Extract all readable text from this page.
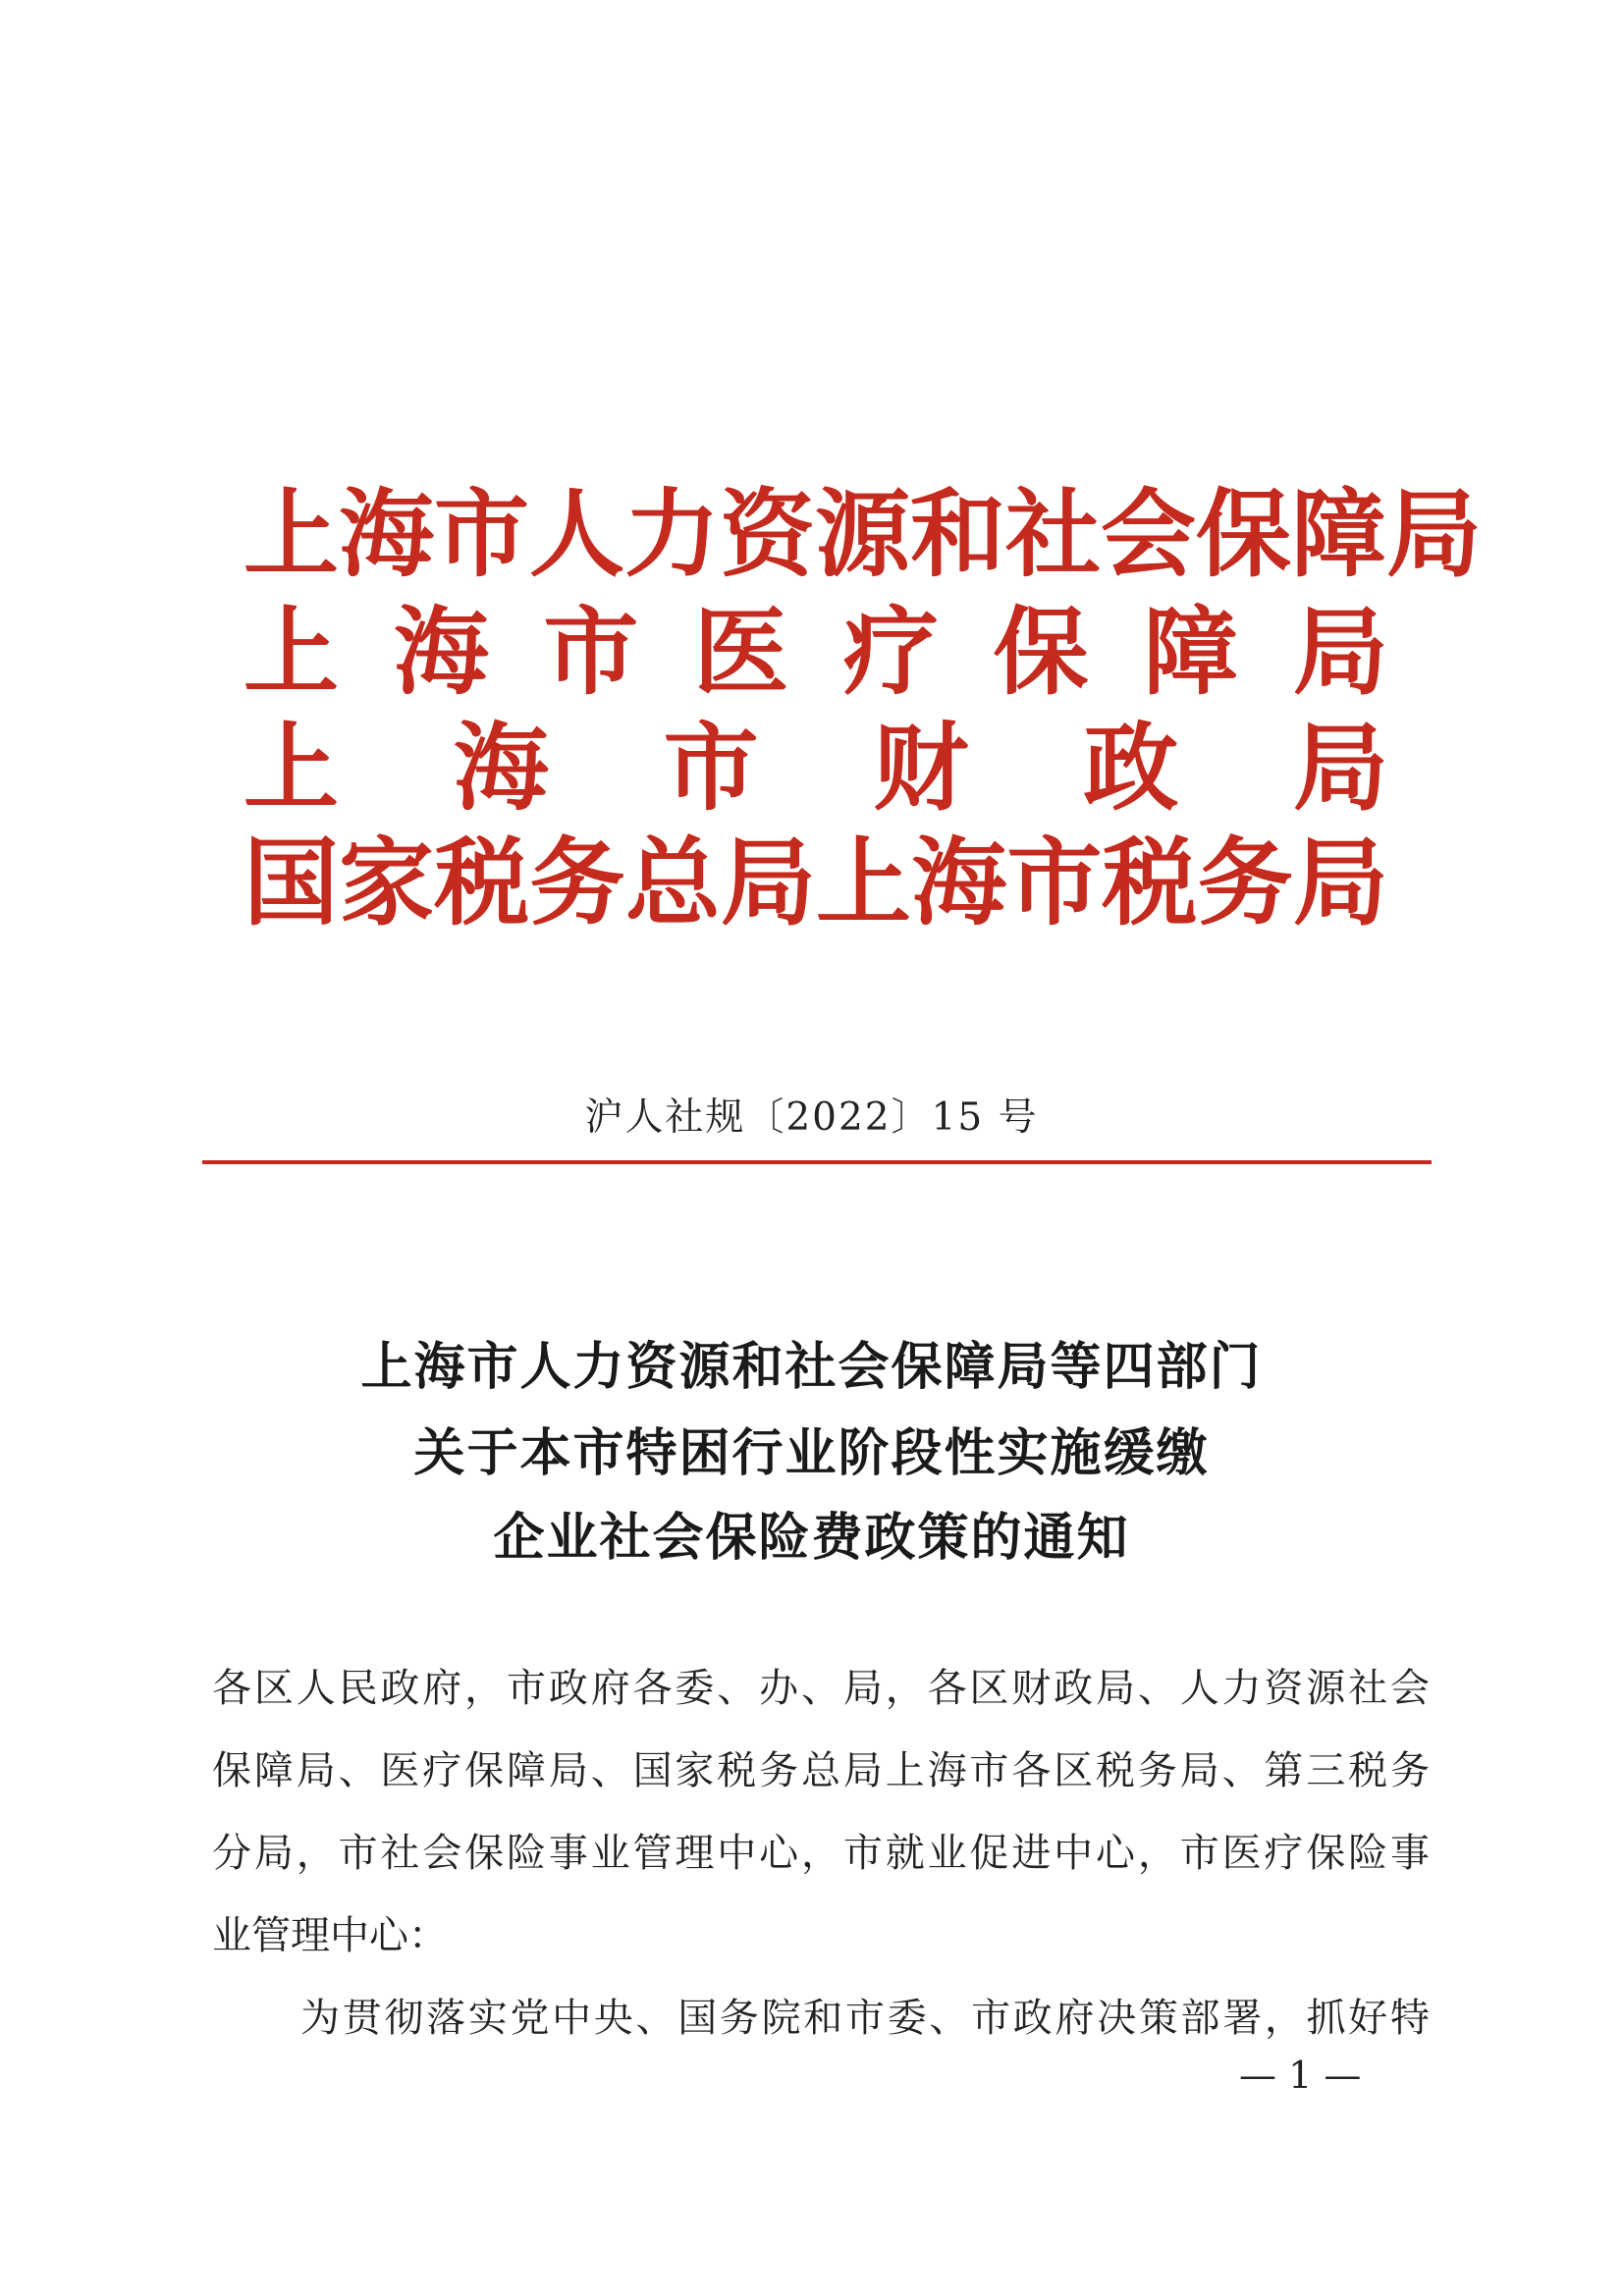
上 海 市 人 力 资 源 和 社 会 保 障 局
上 海 市 医 疗 保 障 局
上 海 市 财 政 局
国 家 税 务 总 局 上 海 市 税 务 局
沪人社规〔2022〕15 号
上海市人力资源和社会保障局等四部门
关于本市特困行业阶段性实施缓缴
企业社会保险费政策的通知
各区人民政府，市政府各委、办、局，各区财政局、人力资源社会
保障局、医疗保障局、国家税务总局上海市各区税务局、第三税务
分局，市社会保险事业管理中心，市就业促进中心，市医疗保险事
业管理中心：
为贯彻落实党中央、国务院和市委、市政府决策部署，抓好特
— 1 —
